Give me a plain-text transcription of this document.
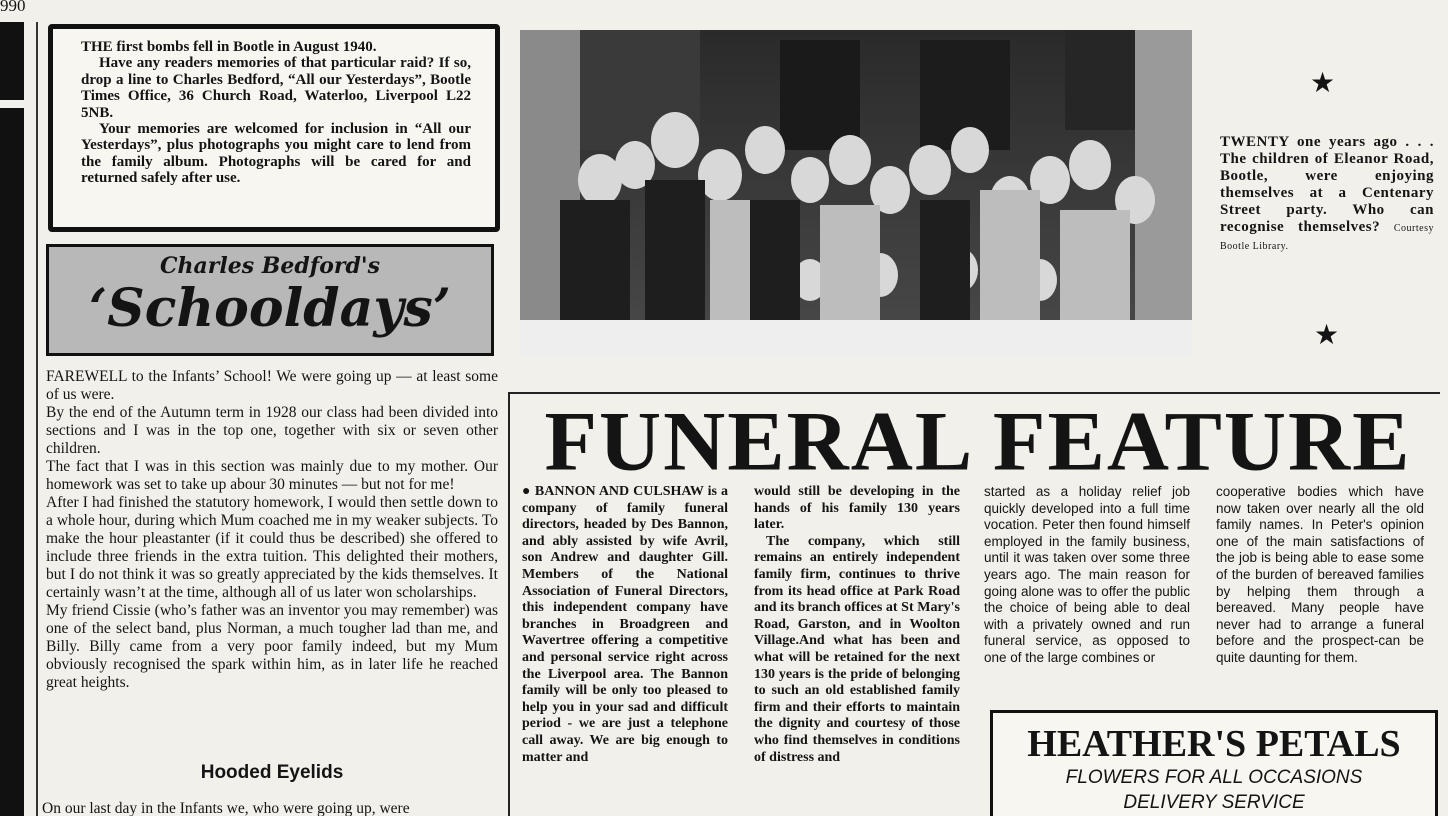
990

THE first bombs fell in Bootle in August 1940.

Have any readers memories of that particular raid? If so, drop a line to Charles Bedford, “All our Yesterdays”, Bootle Times Office, 36 Church Road, Waterloo, Liverpool L22 5NB.

Your memories are welcomed for inclusion in “All our Yesterdays”, plus photographs you might care to lend from the family album. Photographs will be cared for and returned safely after use.

Charles Bedford's
‘Schooldays’

FAREWELL to the Infants’ School! We were going up — at least some of us were.

By the end of the Autumn term in 1928 our class had been divided into sections and I was in the top one, together with six or seven other children.

The fact that I was in this section was mainly due to my mother. Our homework was set to take up abour 30 minutes — but not for me!

After I had finished the statutory homework, I would then settle down to a whole hour, during which Mum coached me in my weaker subjects. To make the hour pleastanter (if it could thus be described) she offered to include three friends in the extra tuition. This delighted their mothers, but I do not think it was so greatly appreciated by the kids themselves. It certainly wasn’t at the time, although all of us later won scholarships.

My friend Cissie (who’s father was an inventor you may remember) was one of the select band, plus Norman, a much tougher lad than me, and Billy. Billy came from a very poor family indeed, but my Mum obviously recognised the spark within him, as in later life he reached great heights.

Hooded Eyelids
On our last day in the Infants we, who were going up, were
★
★
TWENTY one years ago . . . The children of Eleanor Road, Bootle, were enjoying themselves at a Centenary Street party. Who can recognise themselves? Courtesy Bootle Library.
FUNERAL FEATURE

● BANNON AND CULSHAW is a company of family funeral directors, headed by Des Bannon, and ably assisted by wife Avril, son Andrew and daughter Gill. Members of the National Association of Funeral Directors, this independent company have branches in Broadgreen and Wavertree offering a competitive and personal service right across the Liverpool area. The Bannon family will be only too pleased to help you in your sad and difficult period - we are just a telephone call away. We are big enough to matter and

would still be developing in the hands of his family 130 years later.

The company, which still remains an entirely independent family firm, continues to thrive from its head office at Park Road and its branch offices at St Mary's Road, Garston, and in Woolton Village.And what has been and what will be retained for the next 130 years is the pride of belonging to such an old established family firm and their efforts to maintain the dignity and courtesy of those who find themselves in conditions of distress and

started as a holiday relief job quickly developed into a full time vocation. Peter then found himself employed in the family business, until it was taken over some three years ago. The main reason for going alone was to offer the public the choice of being able to deal with a privately owned and run funeral service, as opposed to one of the large combines or

cooperative bodies which have now taken over nearly all the old family names. In Peter's opinion one of the main satisfactions of the job is being able to ease some of the burden of bereaved families by helping them through a bereaved. Many people have never had to arrange a funeral before and the prospect-can be quite daunting for them.

HEATHER'S PETALS
FLOWERS FOR ALL OCCASIONS
DELIVERY SERVICE
